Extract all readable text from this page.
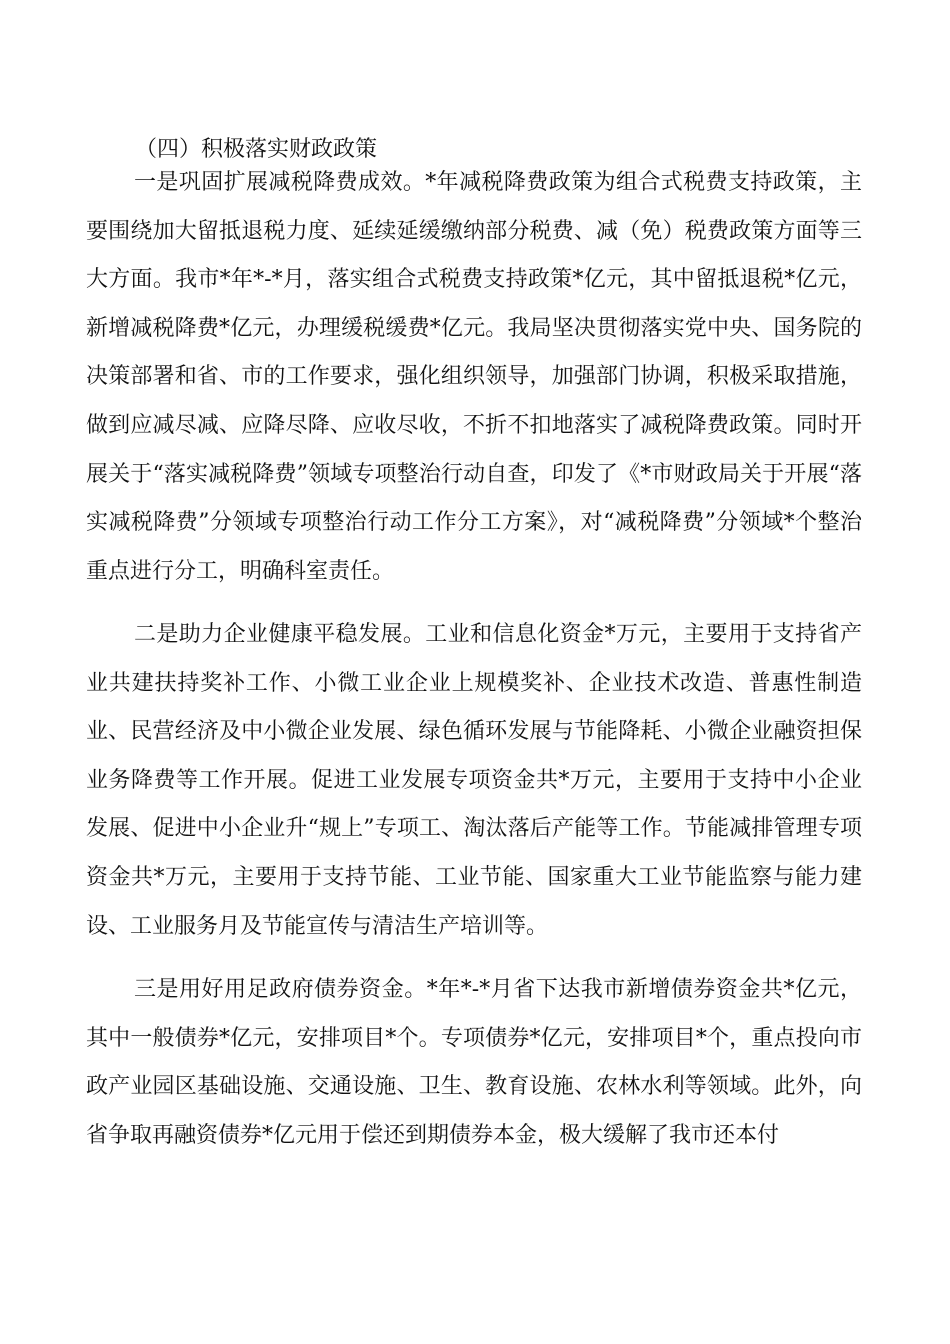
（四）积极落实财政政策

一是巩固扩展减税降费成效。*年减税降费政策为组合式税费支持政策，主要围绕加大留抵退税力度、延续延缓缴纳部分税费、减（免）税费政策方面等三大方面。我市*年*-*月，落实组合式税费支持政策*亿元，其中留抵退税*亿元，新增减税降费*亿元，办理缓税缓费*亿元。我局坚决贯彻落实党中央、国务院的决策部署和省、市的工作要求，强化组织领导，加强部门协调，积极采取措施，做到应减尽减、应降尽降、应收尽收，不折不扣地落实了减税降费政策。同时开展关于“落实减税降费”领域专项整治行动自查，印发了《*市财政局关于开展“落实减税降费”分领域专项整治行动工作分工方案》，对“减税降费”分领域*个整治重点进行分工，明确科室责任。

二是助力企业健康平稳发展。工业和信息化资金*万元，主要用于支持省产业共建扶持奖补工作、小微工业企业上规模奖补、企业技术改造、普惠性制造业、民营经济及中小微企业发展、绿色循环发展与节能降耗、小微企业融资担保业务降费等工作开展。促进工业发展专项资金共*万元，主要用于支持中小企业发展、促进中小企业升“规上”专项工、淘汰落后产能等工作。节能减排管理专项资金共*万元，主要用于支持节能、工业节能、国家重大工业节能监察与能力建设、工业服务月及节能宣传与清洁生产培训等。

三是用好用足政府债券资金。*年*-*月省下达我市新增债券资金共*亿元，其中一般债券*亿元，安排项目*个。专项债券*亿元，安排项目*个，重点投向市政产业园区基础设施、交通设施、卫生、教育设施、农林水利等领域。此外，向省争取再融资债券*亿元用于偿还到期债券本金，极大缓解了我市还本付
